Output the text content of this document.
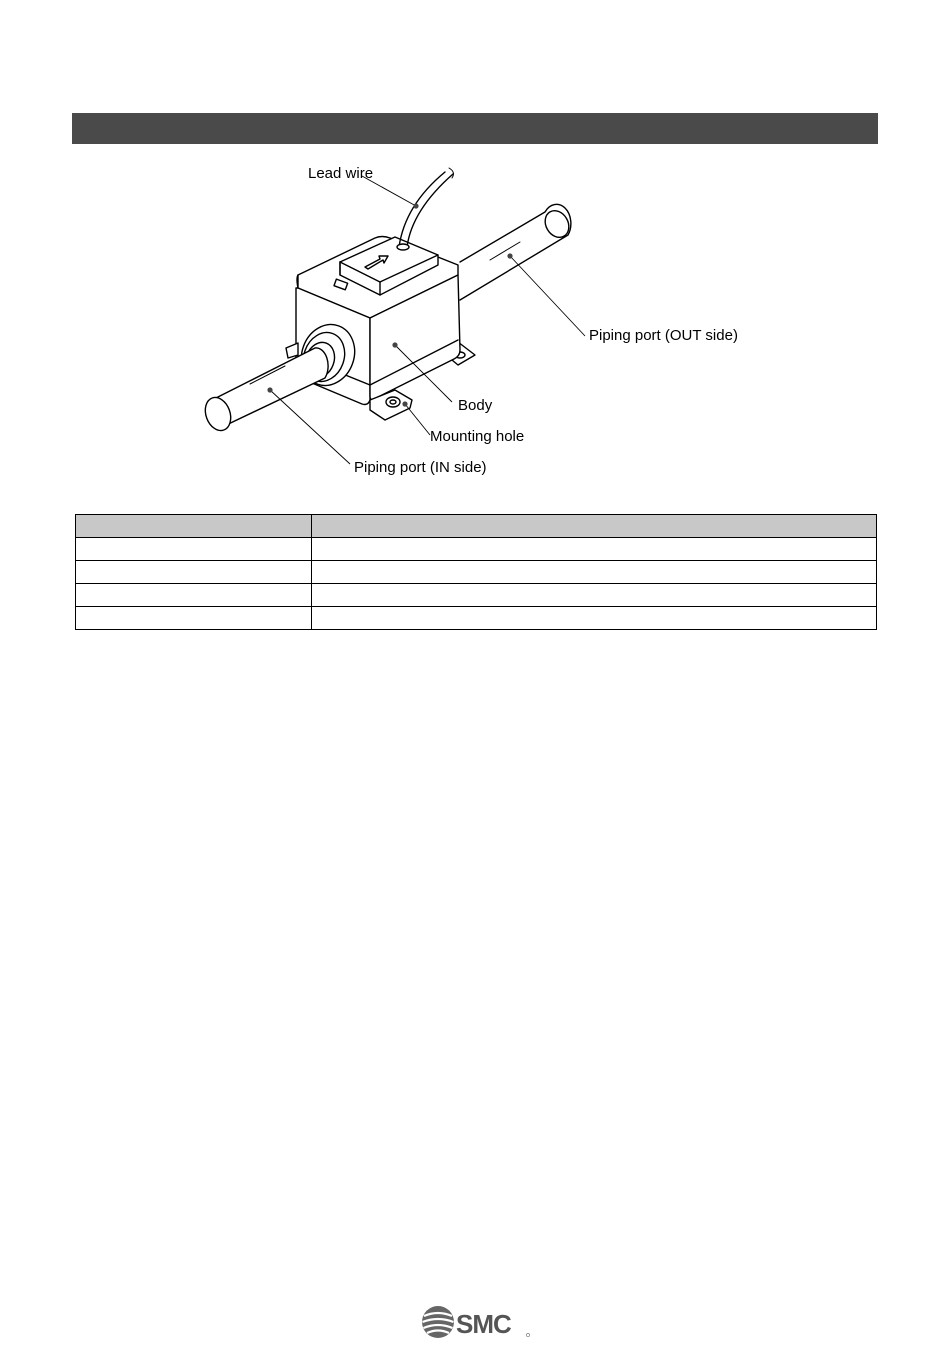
Lead wire
Piping port (OUT side)
Body
Mounting hole
Piping port (IN side)

SMC
